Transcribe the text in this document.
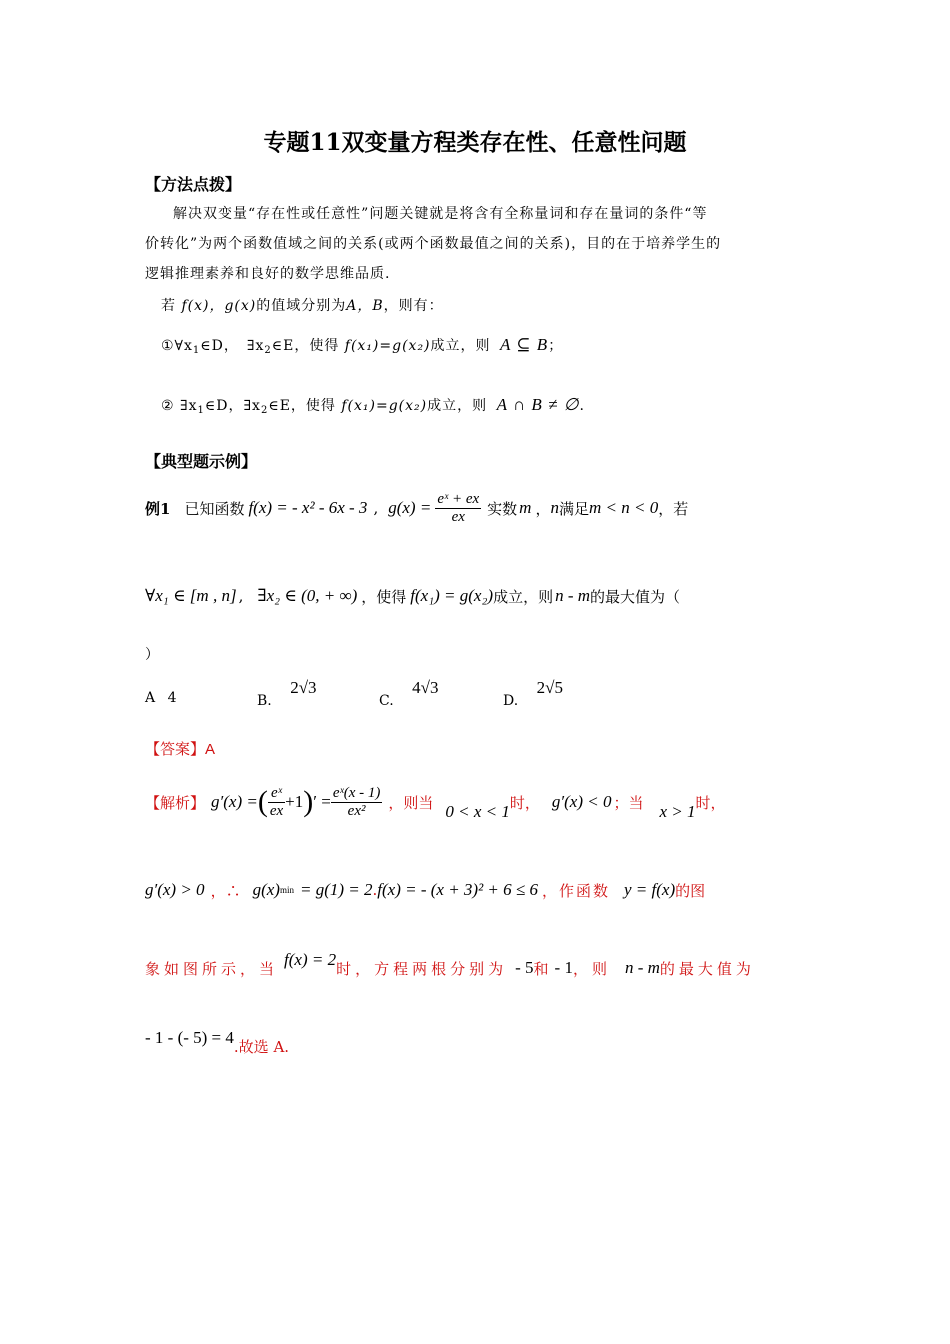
专题11双变量方程类存在性、任意性问题
【方法点拨】
解决双变量“存在性或任意性”问题关键就是将含有全称量词和存在量词的条件“等
价转化”为两个函数值域之间的关系(或两个函数最值之间的关系)，目的在于培养学生的
逻辑推理素养和良好的数学思维品质.
若 f(x)，g(x)的值域分别为A，B，则有：
$①\forall x_1\in D$，　$\exists x_2\in E$，使得 f(x₁)=g(x₂)成立，则 A ⊆ B；
② $\exists x_1\in D$，$\exists x_2\in E$，使得 f(x₁)=g(x₂)成立，则 A ∩ B ≠ ∅.
【典型题示例】
例1 已知函数 f(x) = - x² - 6x - 3 , $g(x) = \frac{\text{eˣ + ex}}{ex}$ 实数 m ， n 满足 m < n < 0 ，若
∀x₁ ∈ [m , n] , ∃x₂ ∈ (0, + ∞) ，使得 f(x₁) = g(x₂) 成立，则 n - m 的最大值为（
）
A 4	B. 2√3
C. 4√3
D. 2√5
【答案】A
【解析】 g′(x) = ( $\frac{\text{eˣ}}{ex} +1$ ) ′ = $\frac{\text{eˣ(x - 1)}}{\text{ex²}}$ ，则当 0 < x < 1 时， g′(x) < 0 ；当 x > 1 时，
g′(x) > 0 ，∴ g(x) min = g(1) = 2 . f(x) = - (x + 3)² + 6 ≤ 6 ，作函数 y = f(x) 的图
象如图所示，当 f(x) = 2 时，方程两根分别为 - 5 和 - 1 ，则 n - m 的最大值为
- 1 - (- 5) = 4 .故选 A.
